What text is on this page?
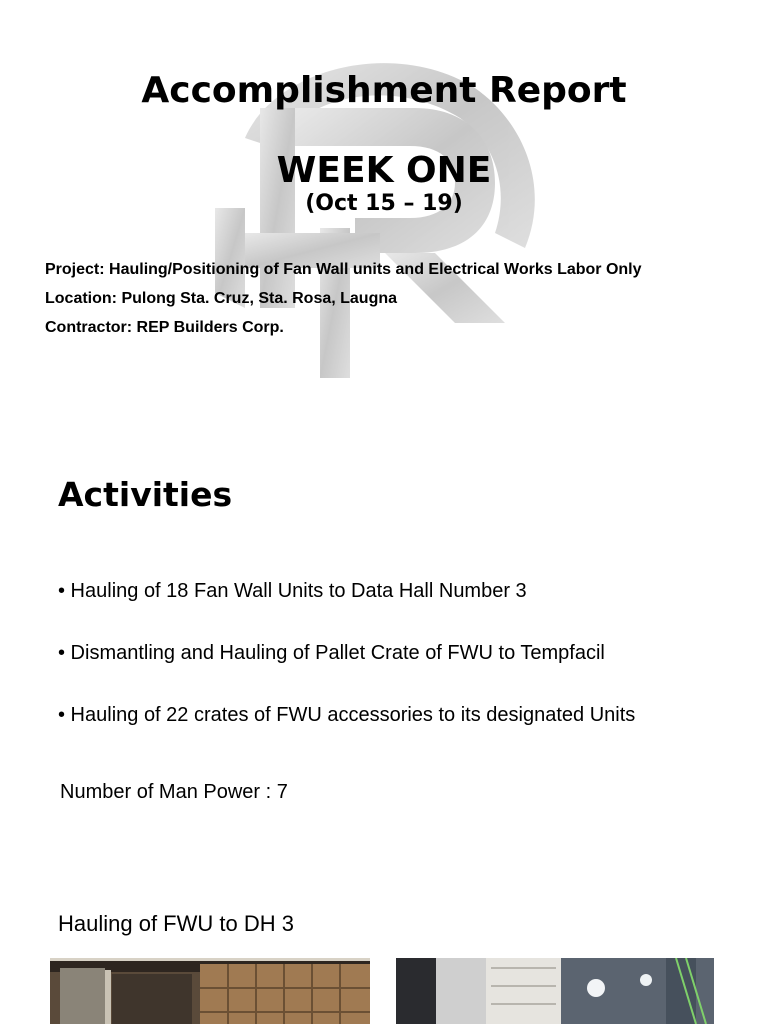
Accomplishment Report
WEEK ONE
(Oct 15 – 19)
Project: Hauling/Positioning of Fan Wall units and Electrical Works Labor Only
Location: Pulong Sta. Cruz, Sta. Rosa, Laugna
Contractor: REP Builders Corp.
Activities
• Hauling of 18 Fan Wall Units to Data Hall Number 3
• Dismantling and Hauling of Pallet Crate of FWU to Tempfacil
• Hauling of 22 crates of FWU accessories to its designated Units
Number of Man Power : 7
Hauling of FWU to DH 3
